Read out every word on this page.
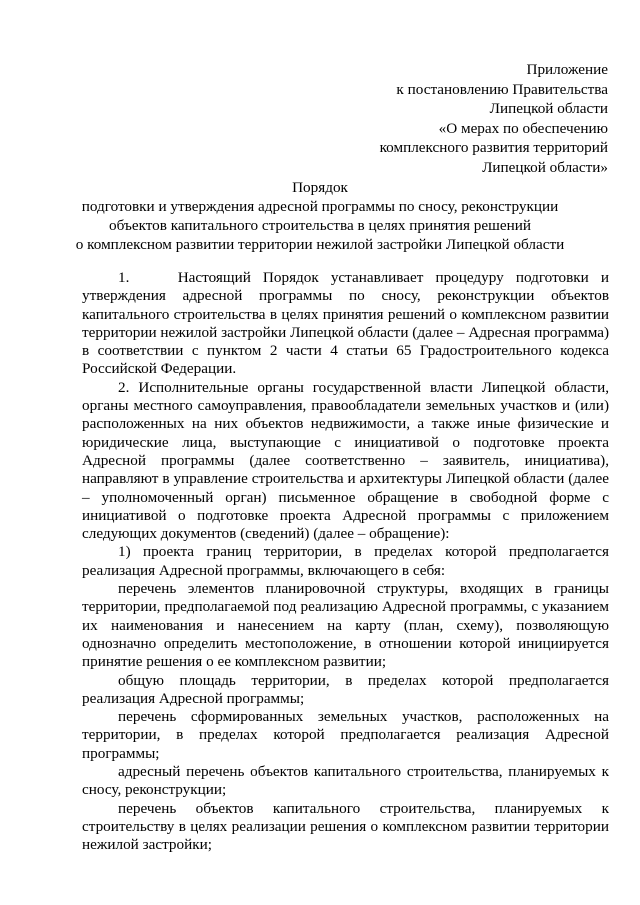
Приложение
к постановлению Правительства
Липецкой области
«О мерах по обеспечению
комплексного развития территорий
Липецкой области»
Порядок
подготовки и утверждения адресной программы по сносу, реконструкции
объектов капитального строительства в целях принятия решений
о комплексном развитии территории нежилой застройки Липецкой области

1.    Настоящий Порядок устанавливает процедуру подготовки и утверждения адресной программы по сносу, реконструкции объектов капитального строительства в целях принятия решений о комплексном развитии территории нежилой застройки Липецкой области (далее – Адресная программа) в соответствии с пунктом 2 части 4 статьи 65 Градостроительного кодекса Российской Федерации.

2. Исполнительные органы государственной власти Липецкой области, органы местного самоуправления, правообладатели земельных участков и (или) расположенных на них объектов недвижимости, а также иные физические и юридические лица, выступающие с инициативой о подготовке проекта Адресной программы (далее соответственно – заявитель, инициатива), направляют в управление строительства и архитектуры Липецкой области (далее – уполномоченный орган) письменное обращение в свободной форме с инициативой о подготовке проекта Адресной программы с приложением следующих документов (сведений) (далее – обращение):

1) проекта границ территории, в пределах которой предполагается реализация Адресной программы, включающего в себя:

перечень элементов планировочной структуры, входящих в границы территории, предполагаемой под реализацию Адресной программы, с указанием их наименования и нанесением на карту (план, схему), позволяющую однозначно определить местоположение, в отношении которой инициируется принятие решения о ее комплексном развитии;

общую площадь территории, в пределах которой предполагается реализация Адресной программы;

перечень сформированных земельных участков, расположенных на территории, в пределах которой предполагается реализация Адресной программы;

адресный перечень объектов капитального строительства, планируемых к сносу, реконструкции;

перечень объектов капитального строительства, планируемых к строительству в целях реализации решения о комплексном развитии территории нежилой застройки;
